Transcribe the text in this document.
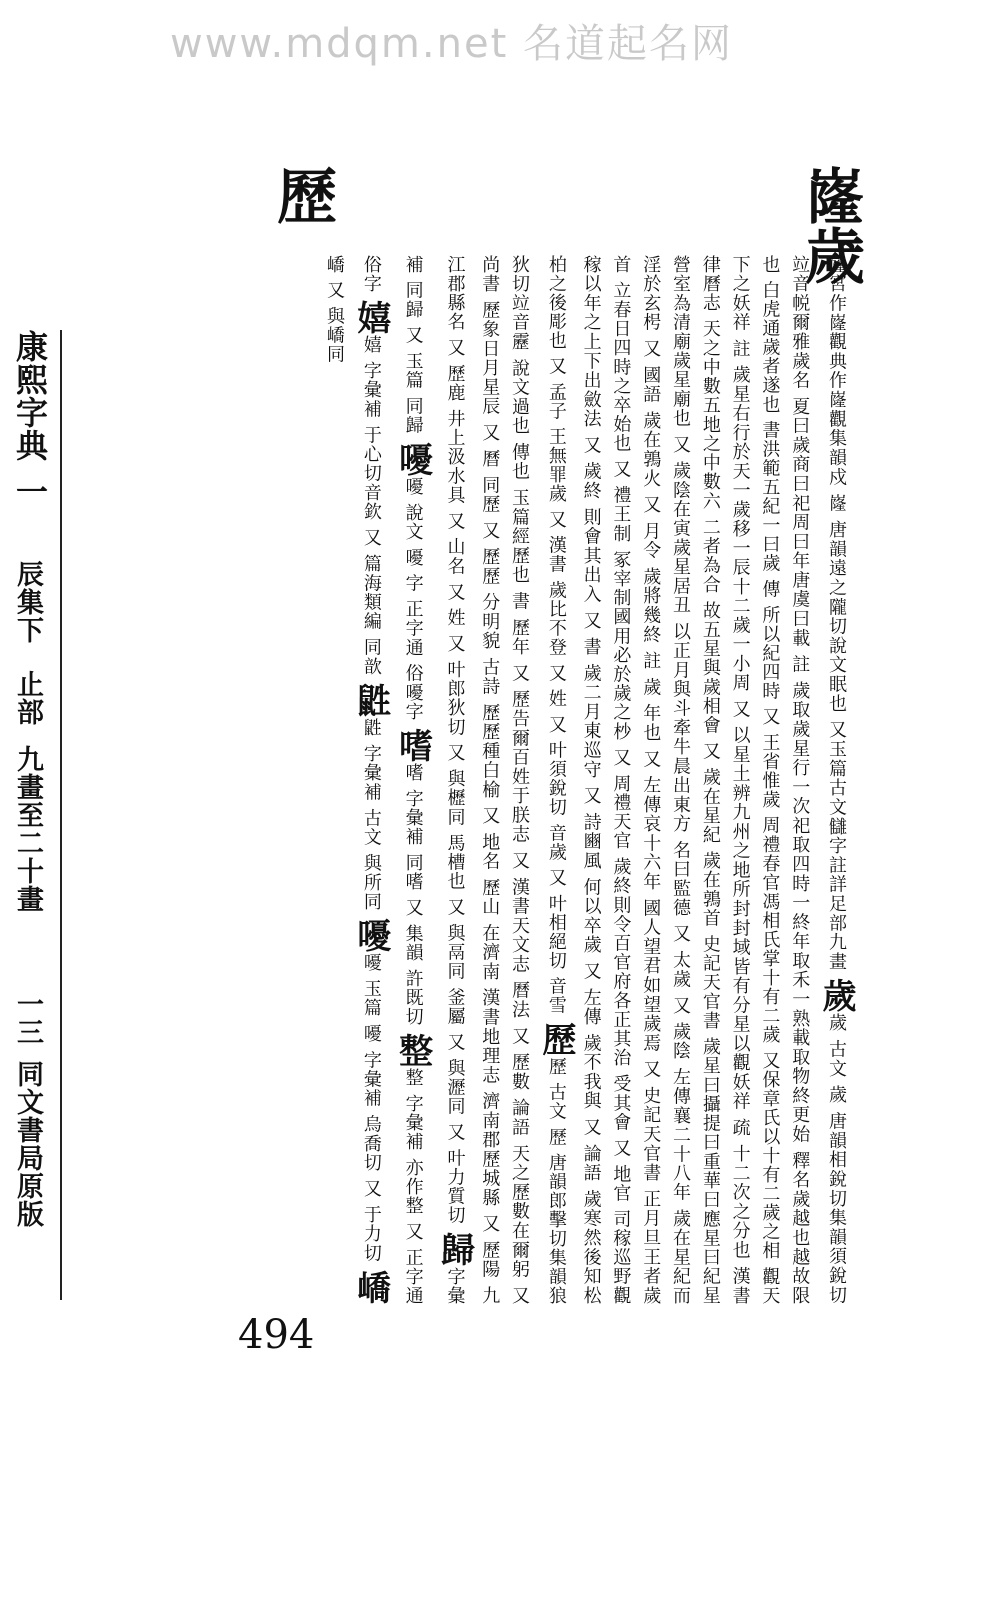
www.mdqm.net 名道起名网
嶐歲
歷
康熙字典
一
辰集下
止部
九畫至二十畫
一三
同文書局原版
嶐宮作嶐觀典作嶐觀集韻戍 嶐 唐韻遠之隴切說文眠也 又玉篇古文讎字註詳足部九畫 歲歲 古文 歲 唐韻相銳切集韻須銳切竝音帨爾雅歲名 夏曰歲商曰祀周曰年唐虞曰載 註 歲取歲星行一次祀取四時一終年取禾一熟載取物終更始 釋名歲越也越故限也 白虎通歲者遂也 書洪範五紀一曰歲 傳 所以紀四時 又 王省惟歲 周禮春官馮相氏掌十有二歲 又保章氏以十有二歲之相 觀天下之妖祥 註 歲星右行於天一歲移一辰十二歲一小周 又 以星土辨九州之地所封封域皆有分星以觀妖祥 疏 十二次之分也 漢書律曆志 天之中數五地之中數六 二者為合 故五星與歲相會 又 歲在星紀 歲在鶉首 史記天官書 歲星曰攝提曰重華曰應星曰紀星 營室為清廟歲星廟也 又 歲陰在寅歲星居丑 以正月與斗牽牛晨出東方 名曰監德 又 太歲 又 歲陰 左傳襄二十八年 歲在星紀而淫於玄枵 又 國語 歲在鶉火 又 月令 歲將幾終 註 歲 年也 又 左傳哀十六年 國人望君如望歲焉 又 史記天官書 正月旦王者歲首 立春日四時之卒始也 又 禮王制 冢宰制國用必於歲之杪 又 周禮天官 歲終則令百官府各正其治 受其會 又 地官 司稼巡野觀稼以年之上下出斂法 又 歲終 則會其出入 又 書 歲二月東巡守 又 詩豳風 何以卒歲 又 左傳 歲不我與 又 論語 歲寒然後知松柏之後彫也 又 孟子 王無罪歲 又 漢書 歲比不登 又 姓 又 叶須銳切 音歲 又 叶相絕切 音雪 歷歷 古文 歷 唐韻郎擊切集韻狼狄切竝音靂 說文過也 傳也 玉篇經歷也 書 歷年 又 歷告爾百姓于朕志 又 漢書天文志 曆法 又 歷數 論語 天之歷數在爾躬 又 尚書 歷象日月星辰 又 曆 同歷 又 歷歷 分明貌 古詩 歷歷種白榆 又 地名 歷山 在濟南 漢書地理志 濟南郡歷城縣 又 歷陽 九江郡縣名 又 歷鹿 井上汲水具 又 山名 又 姓 又 叶郎狄切 又 與櫪同 馬槽也 又 與鬲同 釜屬 又 與瀝同 又 叶力質切 歸字彙補 同歸 又 玉篇 同歸 嚘嚘 說文 嚘 字 正字通 俗嚘字 嗜嗜 字彙補 同嗜 又 集韻 許既切 整整 字彙補 亦作整 又 正字通 俗字 嬉嬉 字彙補 于心切音欽 又 篇海類編 同歆 鼪鼪 字彙補 古文 與所同 嚘嚘 玉篇 嚘 字彙補 烏喬切 又 于力切 嶠嶠 又 與嶠同
494
